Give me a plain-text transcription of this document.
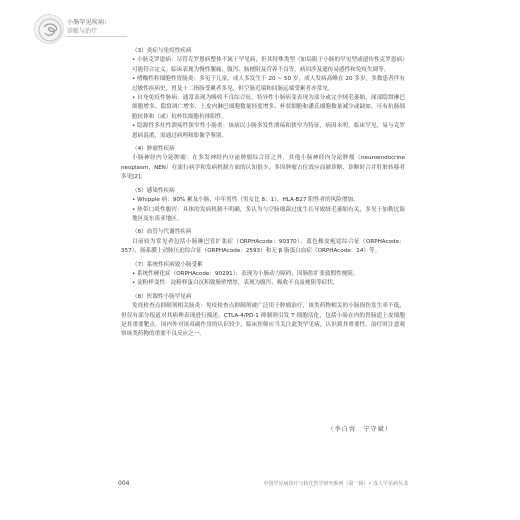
小肠罕见疾病:
诊断与治疗

（3）炎症与免疫性疾病

• 小肠克罗恩病：尽管克罗恩病整体不属于罕见病，但其特殊类型（如局限于小肠的罕见型或遗传性克罗恩病）可能符合定义。临床表现为慢性腹痛、腹泻、肠梗阻及营养不良等，病因涉及遗传易感性和免疫失调等。

• 嗜酸性粒细胞性胃肠炎：多见于儿童，成人多发生于 20 ~ 50 岁，成人发病高峰在 20 多岁，多数患者伴有过敏性疾病史，胃及十二指肠受累者多见，但空肠近端和回肠远端受累者亦常见。

• 自身免疫性肠病：通常表现为吸收不良综合征，特异性小肠病变表现为部分或完全绒毛萎缩、深部隐窝淋巴细胞增多、隐窝凋亡增多，上皮内淋巴细胞数量轻度增多、杯状细胞和潘氏细胞数量减少或缺如，可有抗肠细胞抗体和（或）抗杯状细胞抗体阳性。

• 隐源性多灶性溃疡性狭窄性小肠炎：该病以小肠多发性溃疡和狭窄为特征，病因未明，临床罕见，易与克罗恩病混淆，需通过病理和影像学鉴别。

（4）肿瘤性疾病

小肠神经内分泌肿瘤：在多发神经内分泌肿瘤综合征之外，其他小肠神经内分泌肿瘤（neuroendocrine neoplasm，NEN）在流行病学和发病机制方面的认知很少，多因肿瘤占位效应而被诊断，诊断时合并肝脏转移者多见[2]。

（5）感染性疾病

• Whipple 病：90% 累及小肠，中年男性（男女比 8：1），HLA-B27 阳性者的风险增加。

• 热带口炎性腹泻：具体的发病机制不明确，多认为与空肠细菌过度生长导致绒毛萎缩有关，多见于加勒比海地区及东南亚地区。

（6）血管与代谢性疾病

目前较为常见者包括小肠淋巴管扩张症（ORPHAcode：90370）、蓝色橡皮疱痣综合征（ORPHAcode：357）、肠系膜上动脉压迫综合征（ORPHAcode：2593）和无 β 脂蛋白血症（ORPHAcode：14）等。

（7）系统性疾病致小肠受累

• 系统性硬化症（ORPHAcode：90291）：表现为小肠动力障碍，因肠腔扩张致假性梗阻。

• 淀粉样变性：淀粉样蛋白沉积致肠壁增厚，表现为腹泻、吸收不良及梗阻等症状。

（8）医源性小肠罕见病

免疫检查点抑制剂相关肠炎：免疫检查点抑制剂被广泛用于肿瘤治疗，该类药物相关的小肠损伤发生率不低，但仅有部分报道对其病理表现进行描述。CTLA-4/PD-1 抑制剂引发 T 细胞活化，包括小肠在内的胃肠道上皮细胞是其重要靶点，国内外对该毒副作用的认识较少，临床医师应当关注此类罕见病，认识到其重要性，治疗时注意观察该类药物的重要不良反应之一。

（李白容　宁守斌）
004	中国罕见病诊疗与转化医学研究系列（第一辑）• 成人罕见病丛书
